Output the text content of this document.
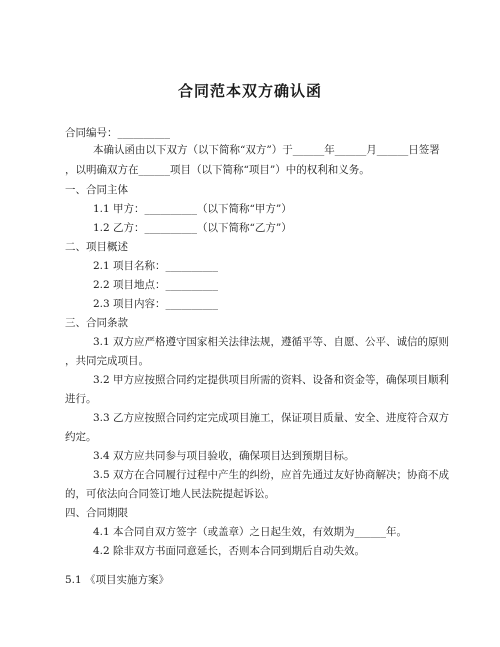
合同范本双方确认函
合同编号：__________
本确认函由以下双方（以下简称“双方”）于______年______月______日签署
，以明确双方在______项目（以下简称“项目”）中的权利和义务。
一、合同主体
1.1 甲方：__________（以下简称“甲方”）
1.2 乙方：__________（以下简称“乙方”）
二、项目概述
2.1 项目名称：__________
2.2 项目地点：__________
2.3 项目内容：__________
三、合同条款
3.1 双方应严格遵守国家相关法律法规，遵循平等、自愿、公平、诚信的原则
，共同完成项目。
3.2 甲方应按照合同约定提供项目所需的资料、设备和资金等，确保项目顺利
进行。
3.3 乙方应按照合同约定完成项目施工，保证项目质量、安全、进度符合双方
约定。
3.4 双方应共同参与项目验收，确保项目达到预期目标。
3.5 双方在合同履行过程中产生的纠纷，应首先通过友好协商解决；协商不成
的，可依法向合同签订地人民法院提起诉讼。
四、合同期限
4.1 本合同自双方签字（或盖章）之日起生效，有效期为______年。
4.2 除非双方书面同意延长，否则本合同到期后自动失效。
5.1 《项目实施方案》
